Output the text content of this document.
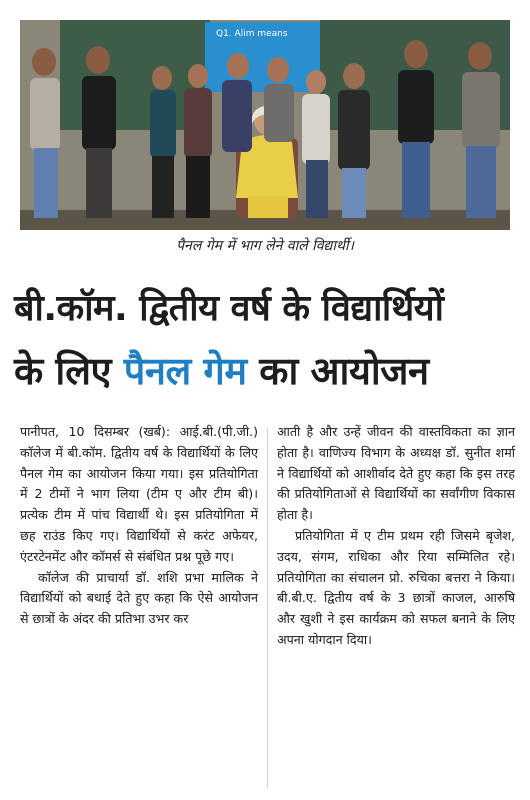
Q1. Alim means
पैनल गेम में भाग लेने वाले विद्यार्थी।
बी.कॉम. द्वितीय वर्ष के विद्यार्थियों
के लिए पैनल गेम का आयोजन

पानीपत, 10 दिसम्बर (खर्ब): आई.बी.(पी.जी.) कॉलेज में बी.कॉम. द्वितीय वर्ष के विद्यार्थियों के लिए पैनल गेम का आयोजन किया गया। इस प्रतियोगिता में 2 टीमों ने भाग लिया (टीम ए और टीम बी)। प्रत्येक टीम में पांच विद्यार्थी थे। इस प्रतियोगिता में छह राउंड किए गए। विद्यार्थियों से करंट अफेयर, एंटरटेनमेंट और कॉमर्स से संबंधित प्रश्न पूछे गए।

कॉलेज की प्राचार्या डॉ. शशि प्रभा मालिक ने विद्यार्थियों को बधाई देते हुए कहा कि ऐसे आयोजन से छात्रों के अंदर की प्रतिभा उभर कर

आती है और उन्हें जीवन की वास्तविकता का ज्ञान होता है। वाणिज्य विभाग के अध्यक्ष डॉ. सुनीत शर्मा ने विद्यार्थियों को आशीर्वाद देते हुए कहा कि इस तरह की प्रतियोगिताओं से विद्यार्थियों का सर्वांगीण विकास होता है।

प्रतियोगिता में ए टीम प्रथम रही जिसमे बृजेश, उदय, संगम, राधिका और रिया सम्मिलित रहे। प्रतियोगिता का संचालन प्रो. रुचिका बत्तरा ने किया। बी.बी.ए. द्वितीय वर्ष के 3 छात्रों काजल, आरुषि और खुशी ने इस कार्यक्रम को सफल बनाने के लिए अपना योगदान दिया।
